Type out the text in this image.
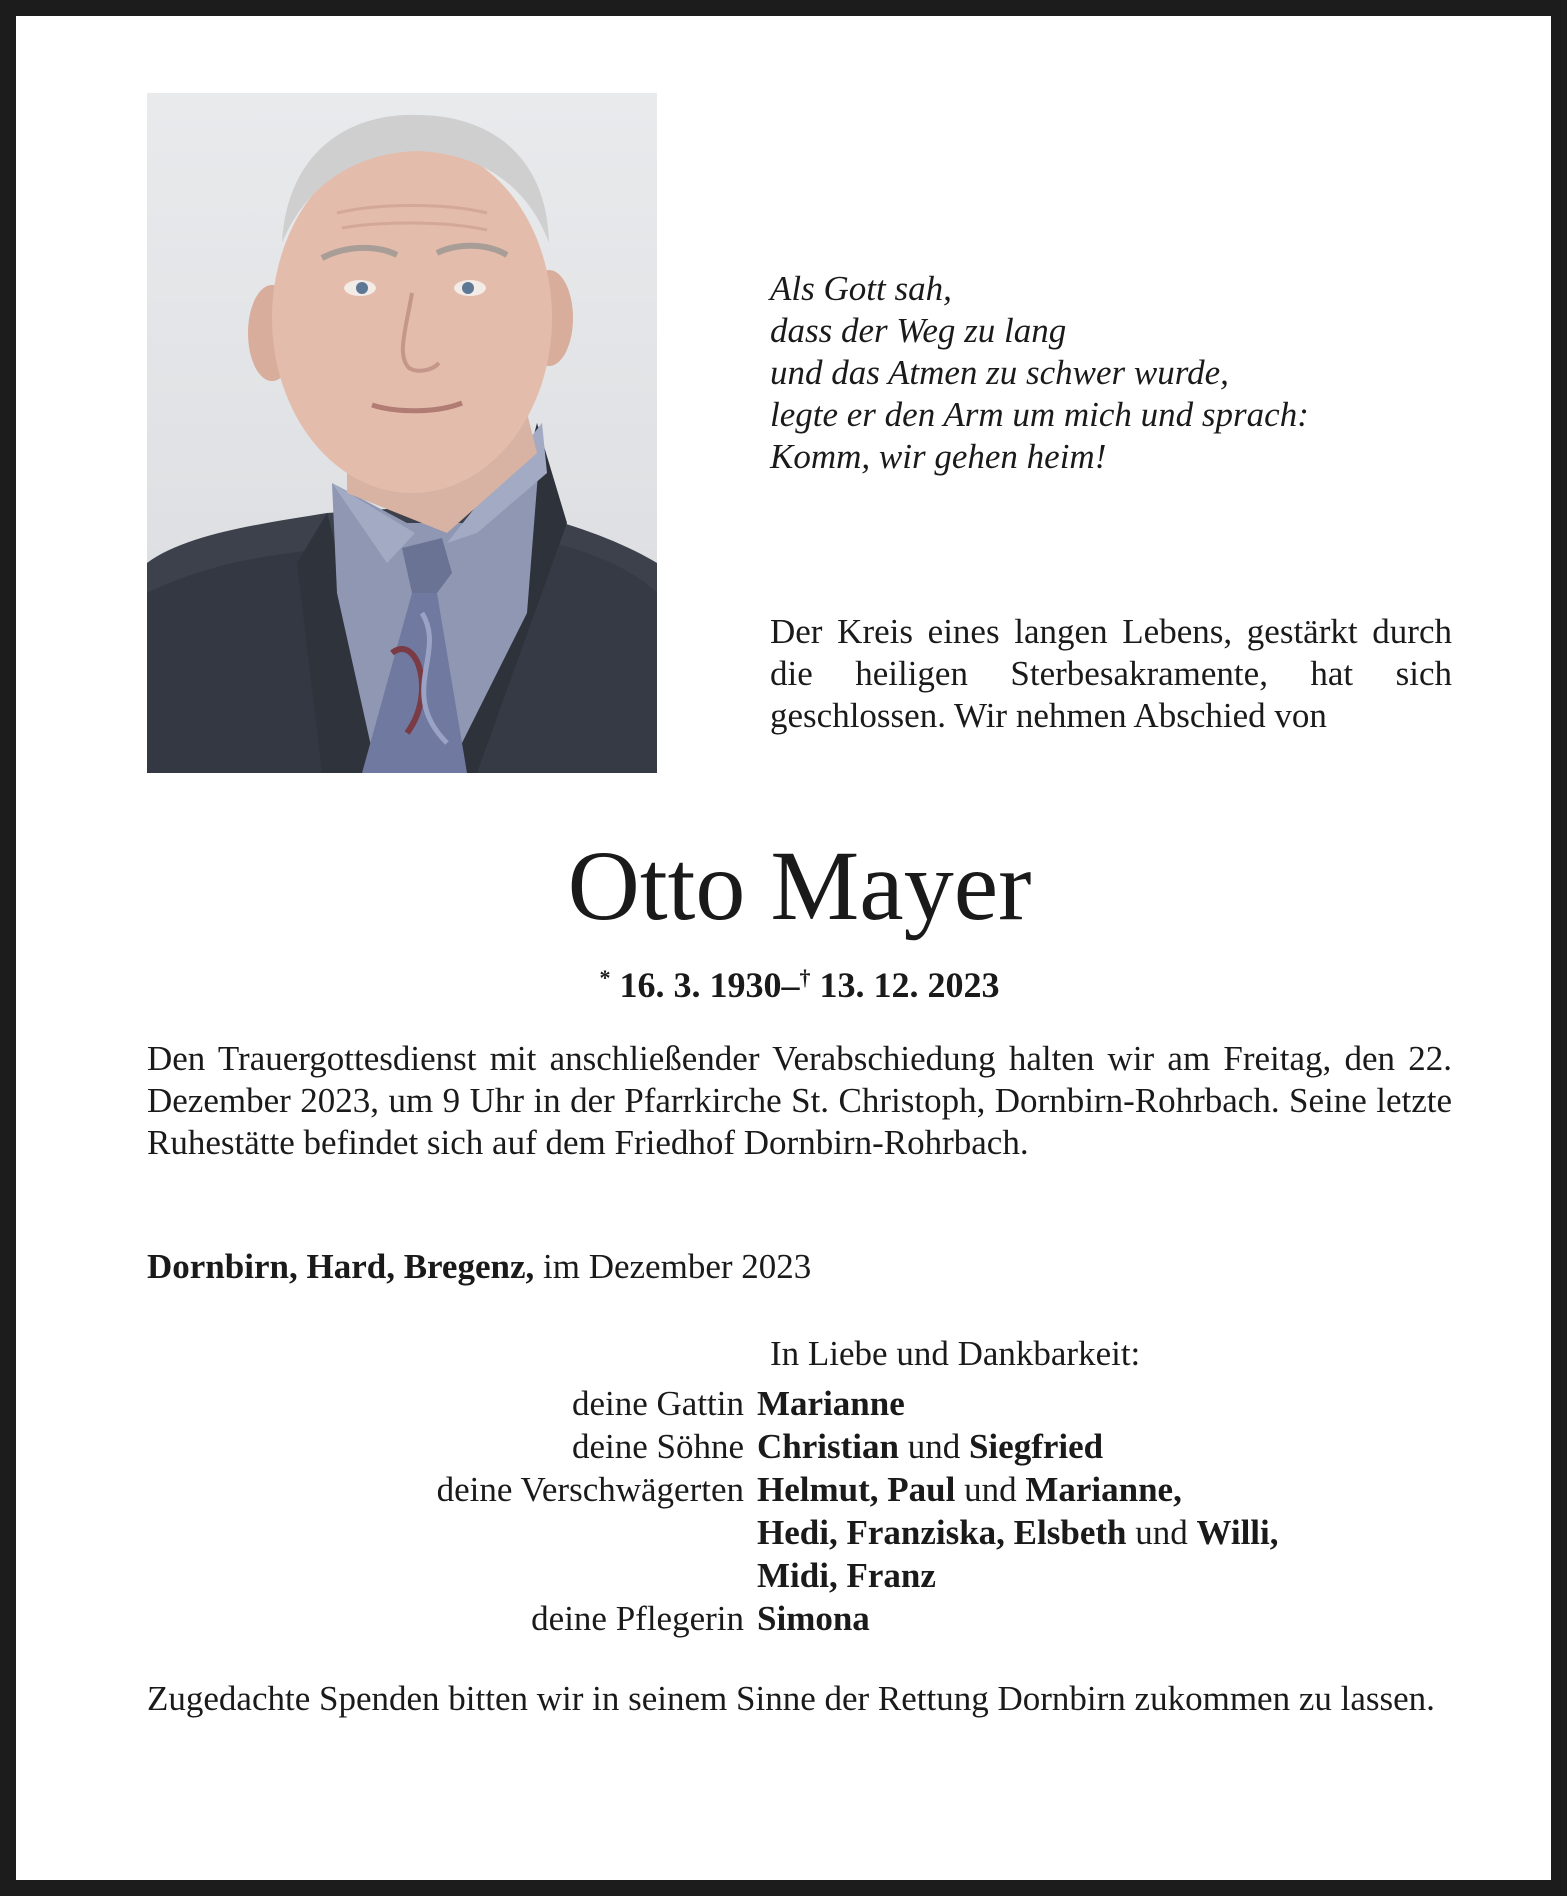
Als Gott sah,
dass der Weg zu lang
und das Atmen zu schwer wurde,
legte er den Arm um mich und sprach:
Komm, wir gehen heim!
Der Kreis eines langen Lebens, gestärkt durch die heiligen Sterbesakramente, hat sich geschlossen. Wir nehmen Abschied von
Otto Mayer
* 16. 3. 1930–† 13. 12. 2023
Den Trauergottesdienst mit anschließender Verabschiedung halten wir am Freitag, den 22. Dezember 2023, um 9 Uhr in der Pfarrkirche St. Christoph, Dornbirn-Rohrbach. Seine letzte Ruhestätte befindet sich auf dem Friedhof Dornbirn-Rohrbach.
Dornbirn, Hard, Bregenz, im Dezember 2023
In Liebe und Dankbarkeit:
deine Gattin Marianne
deine Söhne Christian und Siegfried
deine Verschwägerten Helmut, Paul und Marianne,
Hedi, Franziska, Elsbeth und Willi,
Midi, Franz
deine Pflegerin Simona
Zugedachte Spenden bitten wir in seinem Sinne der Rettung Dornbirn zukommen zu lassen.
